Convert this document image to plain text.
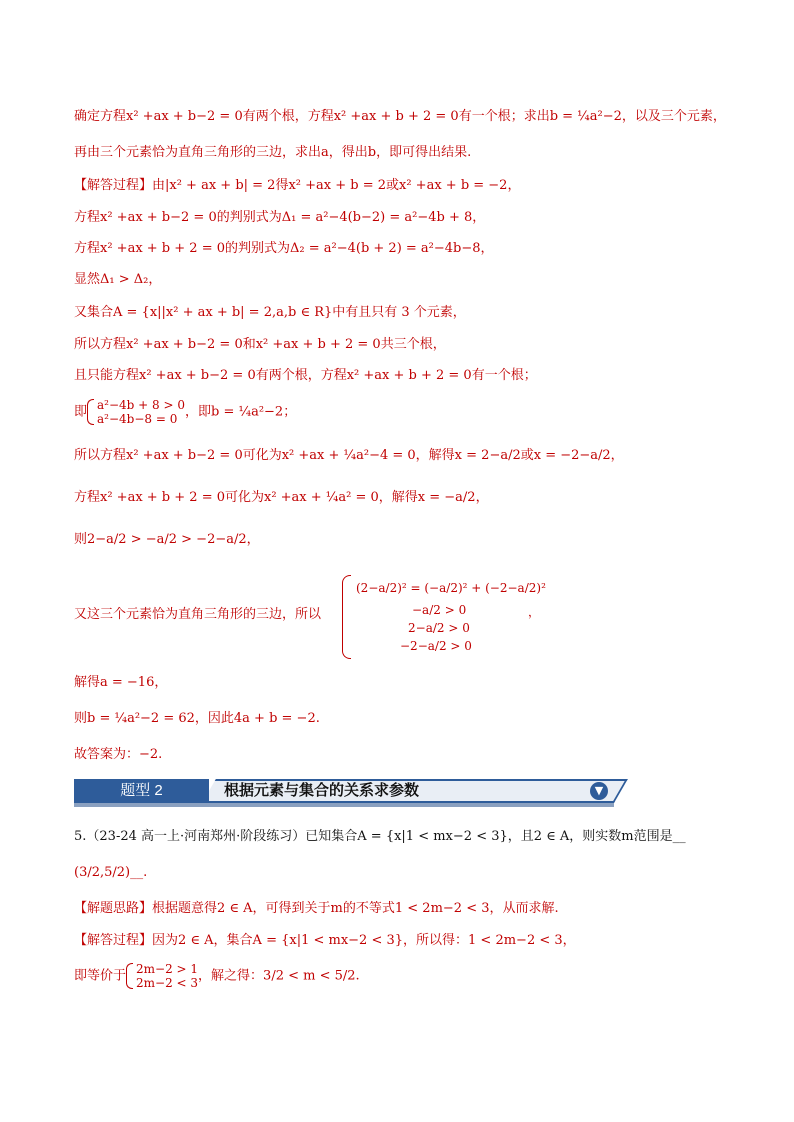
确定方程x² +ax + b−2 = 0有两个根，方程x² +ax + b + 2 = 0有一个根；求出b = ¼a²−2，以及三个元素，
再由三个元素恰为直角三角形的三边，求出a，得出b，即可得出结果.
【解答过程】由|x² + ax + b| = 2得x² +ax + b = 2或x² +ax + b = −2，
方程x² +ax + b−2 = 0的判别式为Δ₁ = a²−4(b−2) = a²−4b + 8，
方程x² +ax + b + 2 = 0的判别式为Δ₂ = a²−4(b + 2) = a²−4b−8，
显然Δ₁ > Δ₂，
又集合A = {x||x² + ax + b| = 2,a,b ∈ R}中有且只有 3 个元素，
所以方程x² +ax + b−2 = 0和x² +ax + b + 2 = 0共三个根，
且只能方程x² +ax + b−2 = 0有两个根，方程x² +ax + b + 2 = 0有一个根；
即 a²−4b + 8 > 0
a²−4b−8 = 0 ，即b = ¼a²−2；
所以方程x² +ax + b−2 = 0可化为x² +ax + ¼a²−4 = 0，解得x = 2−a/2或x = −2−a/2，
方程x² +ax + b + 2 = 0可化为x² +ax + ¼a² = 0，解得x = −a/2，
则2−a/2 > −a/2 > −2−a/2，
又这三个元素恰为直角三角形的三边，所以
(2−a/2)² = (−a/2)² + (−2−a/2)²
−a/2 > 0
2−a/2 > 0
−2−a/2 > 0
，
解得a = −16，
则b = ¼a²−2 = 62，因此4a + b = −2.
故答案为：−2.
题型 2	根据元素与集合的关系求参数	▼
5.（23-24 高一上·河南郑州·阶段练习）已知集合A = {x|1 < mx−2 < 3}，且2 ∈ A，则实数m范围是__
(3/2,5/2)__.
【解题思路】根据题意得2 ∈ A，可得到关于m的不等式1 < 2m−2 < 3，从而求解.
【解答过程】因为2 ∈ A，集合A = {x|1 < mx−2 < 3}，所以得：1 < 2m−2 < 3，
即等价于 2m−2 > 1
2m−2 < 3 ，解之得：3/2 < m < 5/2.
